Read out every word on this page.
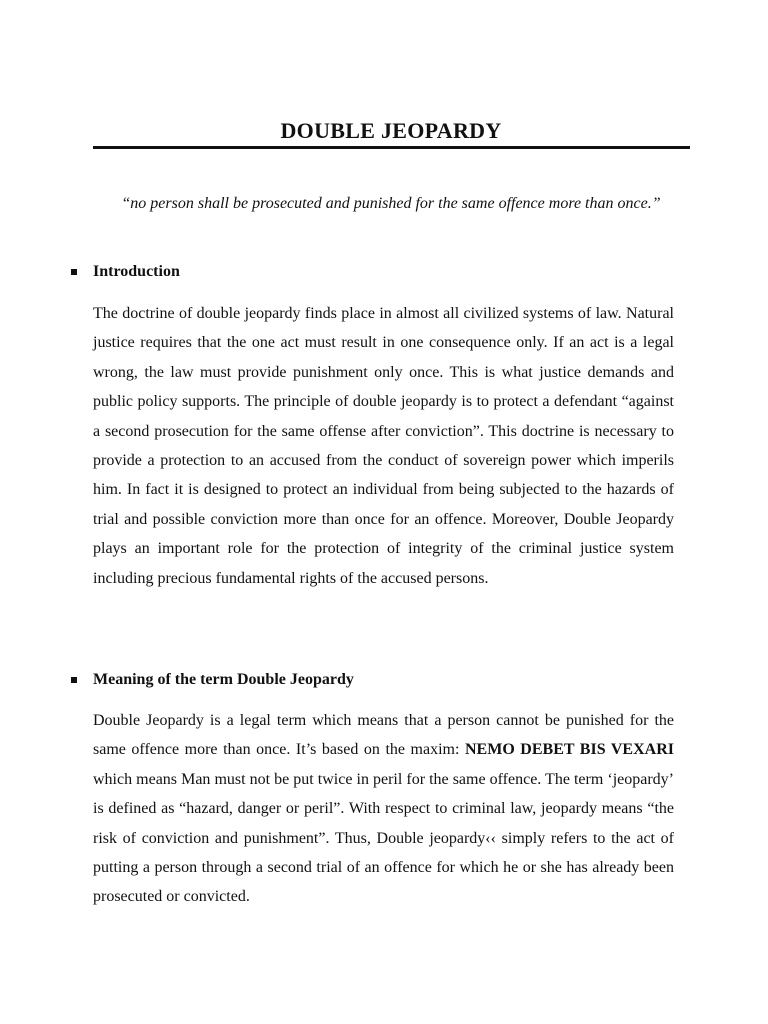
DOUBLE JEOPARDY
“no person shall be prosecuted and punished for the same offence more than once.”
Introduction
The doctrine of double jeopardy finds place in almost all civilized systems of law. Natural justice requires that the one act must result in one consequence only. If an act is a legal wrong, the law must provide punishment only once. This is what justice demands and public policy supports. The principle of double jeopardy is to protect a defendant “against a second prosecution for the same offense after conviction”. This doctrine is necessary to provide a protection to an accused from the conduct of sovereign power which imperils him. In fact it is designed to protect an individual from being subjected to the hazards of trial and possible conviction more than once for an offence. Moreover, Double Jeopardy plays an important role for the protection of integrity of the criminal justice system including precious fundamental rights of the accused persons.
Meaning of the term Double Jeopardy
Double Jeopardy is a legal term which means that a person cannot be punished for the same offence more than once. It’s based on the maxim: NEMO DEBET BIS VEXARI which means Man must not be put twice in peril for the same offence. The term ‘jeopardy’ is defined as “hazard, danger or peril”. With respect to criminal law, jeopardy means “the risk of conviction and punishment”. Thus, Double jeopardy‹‹ simply refers to the act of putting a person through a second trial of an offence for which he or she has already been prosecuted or convicted.
